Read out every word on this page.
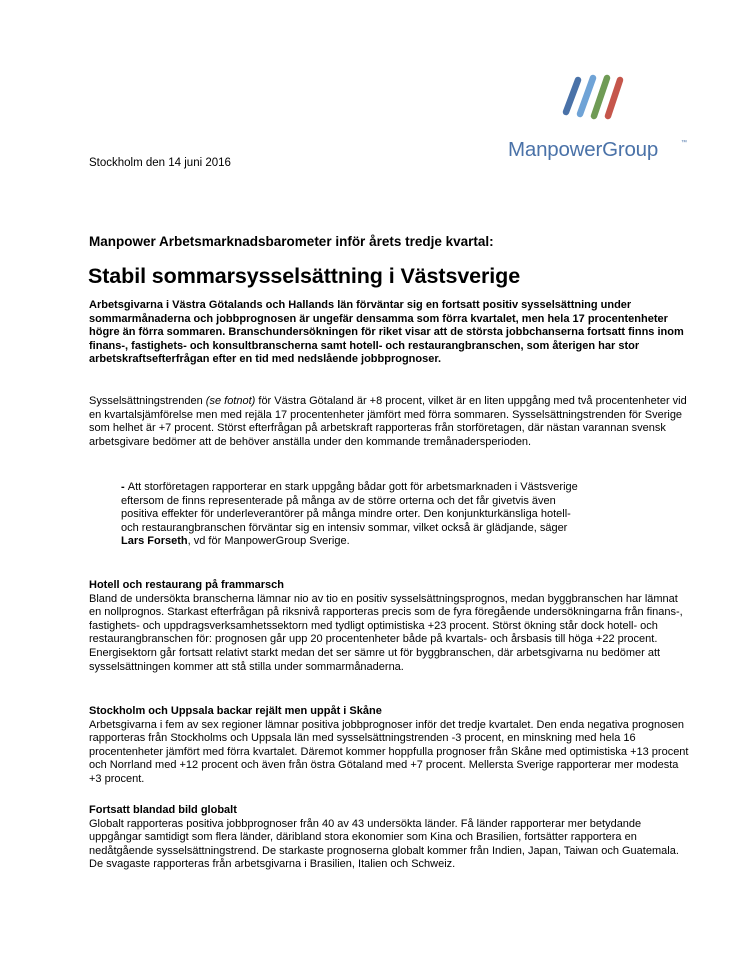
ManpowerGroup	™
Stockholm den 14 juni 2016
Manpower Arbetsmarknadsbarometer inför årets tredje kvartal:
Stabil sommarsysselsättning i Västsverige

Arbetsgivarna i Västra Götalands och Hallands län förväntar sig en fortsatt positiv sysselsättning under sommarmånaderna och jobbprognosen är ungefär densamma som förra kvartalet, men hela 17 procentenheter högre än förra sommaren. Branschundersökningen för riket visar att de största jobbchanserna fortsatt finns inom finans-, fastighets- och konsultbranscherna samt hotell- och restaurangbranschen, som återigen har stor arbetskraftsefterfrågan efter en tid med nedslående jobbprognoser.

Sysselsättningstrenden (se fotnot) för Västra Götaland är +8 procent, vilket är en liten uppgång med två procentenheter vid en kvartalsjämförelse men med rejäla 17 procentenheter jämfört med förra sommaren. Sysselsättningstrenden för Sverige som helhet är +7 procent. Störst efterfrågan på arbetskraft rapporteras från storföretagen, där nästan varannan svensk arbetsgivare bedömer att de behöver anställa under den kommande tremånadersperioden.

- Att storföretagen rapporterar en stark uppgång bådar gott för arbetsmarknaden i Västsverige eftersom de finns representerade på många av de större orterna och det får givetvis även positiva effekter för underleverantörer på många mindre orter. Den konjunkturkänsliga hotell- och restaurangbranschen förväntar sig en intensiv sommar, vilket också är glädjande, säger Lars Forseth, vd för ManpowerGroup Sverige.

Hotell och restaurang på frammarsch

Bland de undersökta branscherna lämnar nio av tio en positiv sysselsättningsprognos, medan byggbranschen har lämnat en nollprognos. Starkast efterfrågan på riksnivå rapporteras precis som de fyra föregående undersökningarna från finans-, fastighets- och uppdragsverksamhetssektorn med tydligt optimistiska +23 procent. Störst ökning står dock hotell- och restaurangbranschen för: prognosen går upp 20 procentenheter både på kvartals- och årsbasis till höga +22 procent. Energisektorn går fortsatt relativt starkt medan det ser sämre ut för byggbranschen, där arbetsgivarna nu bedömer att sysselsättningen kommer att stå stilla under sommarmånaderna.

Stockholm och Uppsala backar rejält men uppåt i Skåne

Arbetsgivarna i fem av sex regioner lämnar positiva jobbprognoser inför det tredje kvartalet. Den enda negativa prognosen rapporteras från Stockholms och Uppsala län med sysselsättningstrenden -3 procent, en minskning med hela 16 procentenheter jämfört med förra kvartalet. Däremot kommer hoppfulla prognoser från Skåne med optimistiska +13 procent och Norrland med +12 procent och även från östra Götaland med +7 procent. Mellersta Sverige rapporterar mer modesta +3 procent.

Fortsatt blandad bild globalt

Globalt rapporteras positiva jobbprognoser från 40 av 43 undersökta länder. Få länder rapporterar mer betydande uppgångar samtidigt som flera länder, däribland stora ekonomier som Kina och Brasilien, fortsätter rapportera en nedåtgående sysselsättningstrend. De starkaste prognoserna globalt kommer från Indien, Japan, Taiwan och Guatemala. De svagaste rapporteras från arbetsgivarna i Brasilien, Italien och Schweiz.
